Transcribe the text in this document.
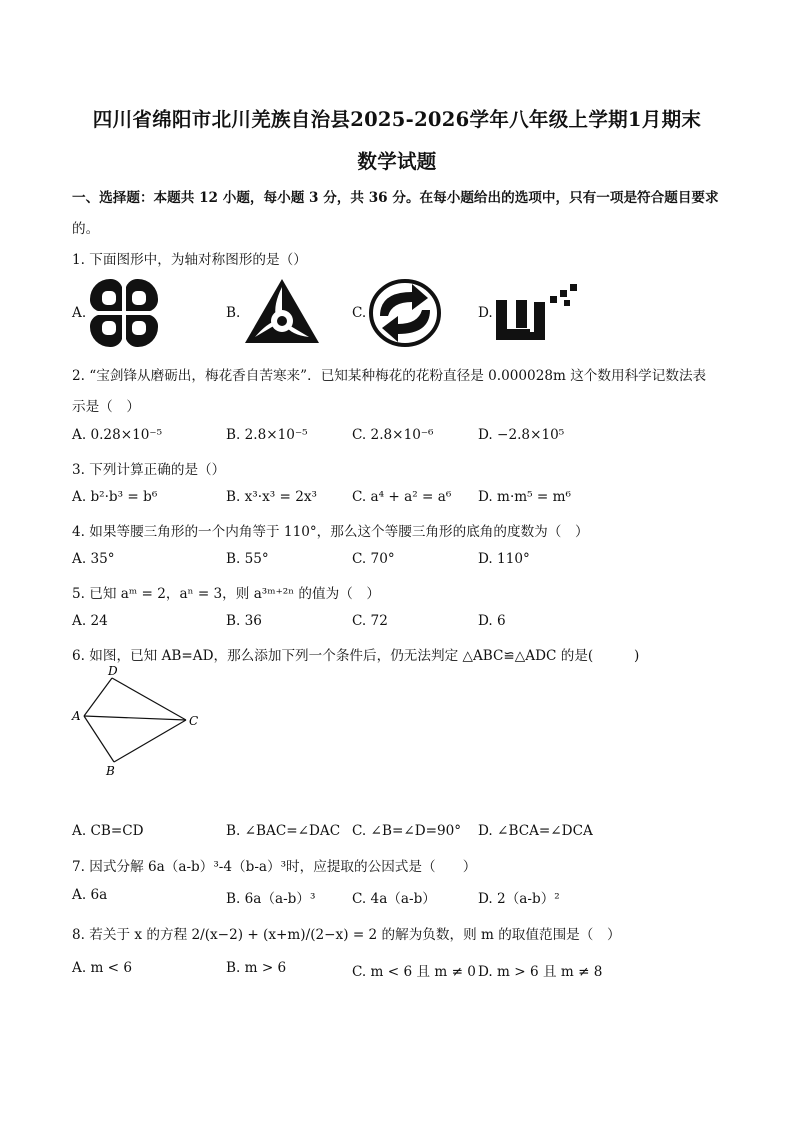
四川省绵阳市北川羌族自治县2025-2026学年八年级上学期1月期末
数学试题
一、选择题：本题共 12 小题，每小题 3 分，共 36 分。在每小题给出的选项中，只有一项是符合题目要求
的。
1. 下面图形中，为轴对称图形的是（）
A.	B.	C.	D.
2. “宝剑锋从磨砺出，梅花香自苦寒来”．已知某种梅花的花粉直径是 0.000028m 这个数用科学记数法表
示是（　）
A. 0.28×10⁻⁵	B. 2.8×10⁻⁵	C. 2.8×10⁻⁶	D. −2.8×10⁵
3. 下列计算正确的是（）
A. b²·b³ = b⁶	B. x³·x³ = 2x³	C. a⁴ + a² = a⁶ D. m·m⁵ = m⁶
4. 如果等腰三角形的一个内角等于 110°，那么这个等腰三角形的底角的度数为（　）
A. 35°	B. 55°	C. 70°	D. 110°
5. 已知 aᵐ = 2，aⁿ = 3，则 a³ᵐ⁺²ⁿ 的值为（　）
A. 24	B. 36	C. 72	D. 6
6. 如图，已知 AB=AD，那么添加下列一个条件后，仍无法判定 △ABC≌△ADC 的是(　　　)
D
A	C
B
A. CB=CD	B. ∠BAC=∠DAC C. ∠B=∠D=90° D. ∠BCA=∠DCA
7. 因式分解 6a（a-b）³-4（b-a）³时，应提取的公因式是（　　）
A. 6a	B. 6a（a-b）³	C. 4a（a-b）	D. 2（a-b）²
8. 若关于 x 的方程 2/(x−2) + (x+m)/(2−x) = 2 的解为负数，则 m 的取值范围是（　）
A. m < 6	B. m > 6	C. m < 6 且 m ≠ 0 D. m > 6 且 m ≠ 8
